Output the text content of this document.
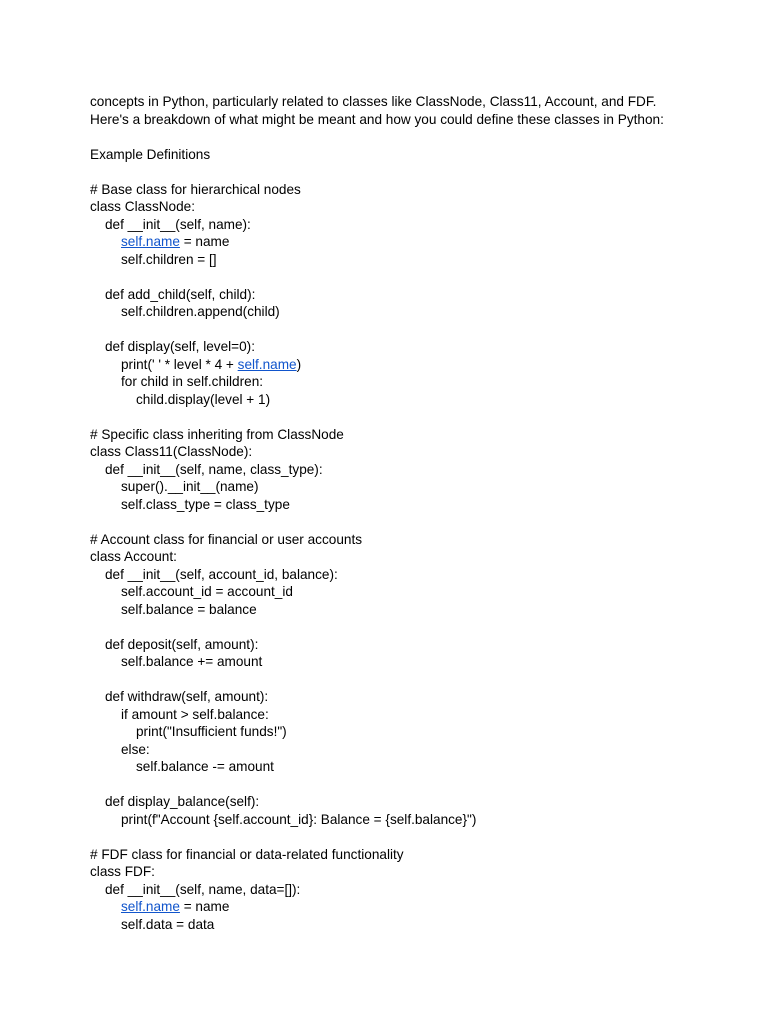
concepts in Python, particularly related to classes like ClassNode, Class11, Account, and FDF.
Here's a breakdown of what might be meant and how you could define these classes in Python:
Example Definitions
# Base class for hierarchical nodes
class ClassNode:
def __init__(self, name):
self.name = name
self.children = []
def add_child(self, child):
self.children.append(child)
def display(self, level=0):
print(' ' * level * 4 + self.name)
for child in self.children:
child.display(level + 1)
# Specific class inheriting from ClassNode
class Class11(ClassNode):
def __init__(self, name, class_type):
super().__init__(name)
self.class_type = class_type
# Account class for financial or user accounts
class Account:
def __init__(self, account_id, balance):
self.account_id = account_id
self.balance = balance
def deposit(self, amount):
self.balance += amount
def withdraw(self, amount):
if amount > self.balance:
print("Insufficient funds!")
else:
self.balance -= amount
def display_balance(self):
print(f"Account {self.account_id}: Balance = {self.balance}")
# FDF class for financial or data-related functionality
class FDF:
def __init__(self, name, data=[]):
self.name = name
self.data = data
